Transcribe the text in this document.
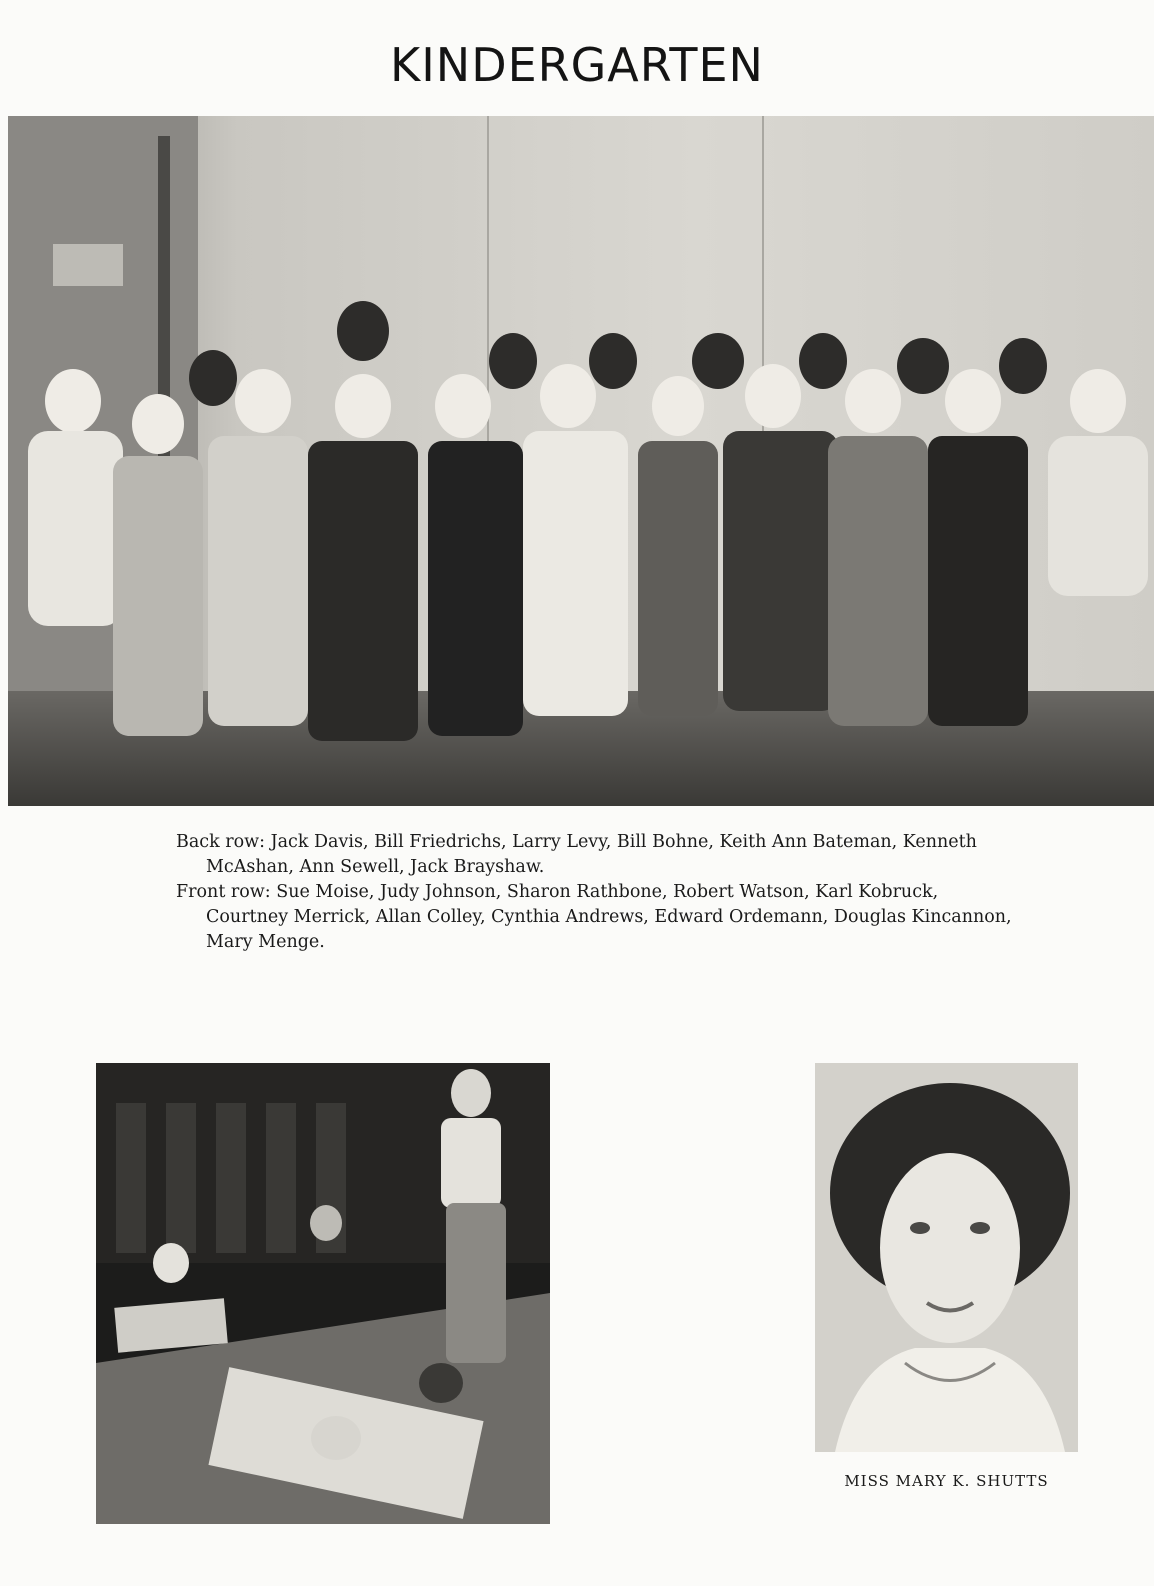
KINDERGARTEN

Back row: Jack Davis, Bill Friedrichs, Larry Levy, Bill Bohne, Keith Ann Bateman, Kenneth McAshan, Ann Sewell, Jack Brayshaw.

Front row: Sue Moise, Judy Johnson, Sharon Rathbone, Robert Watson, Karl Kobruck, Courtney Merrick, Allan Colley, Cynthia Andrews, Edward Ordemann, Douglas Kincannon, Mary Menge.

MISS MARY K. SHUTTS
